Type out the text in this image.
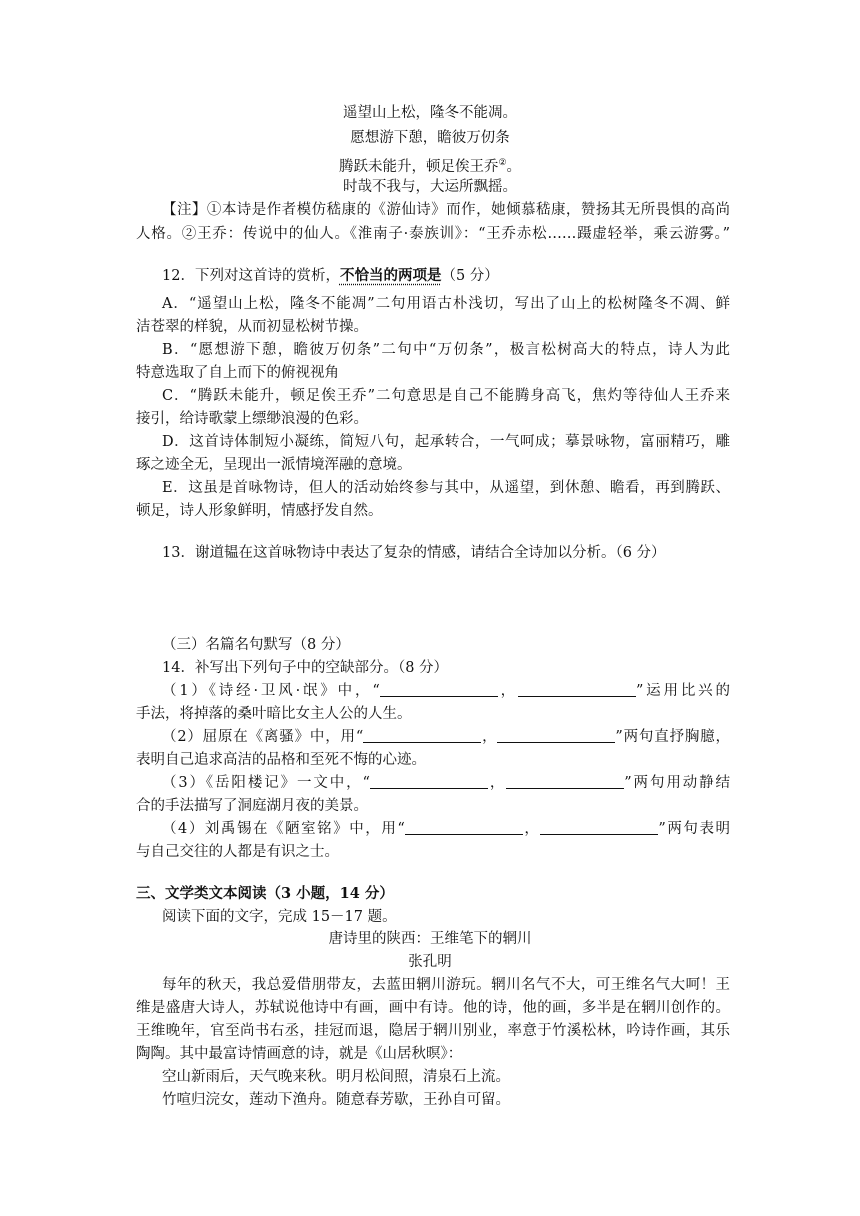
遥望山上松，隆冬不能凋。
愿想游下憩，瞻彼万仞条
腾跃未能升，顿足俟王乔②。
时哉不我与，大运所飘摇。
【注】①本诗是作者模仿嵇康的《游仙诗》而作，她倾慕嵇康，赞扬其无所畏惧的高尚
人格。②王乔：传说中的仙人。《淮南子·泰族训》：“王乔赤松……蹑虚轻举，乘云游雾。”
12．下列对这首诗的赏析，不恰当的两项是（5 分）
A．“遥望山上松，隆冬不能凋”二句用语古朴浅切，写出了山上的松树隆冬不凋、鲜
洁苍翠的样貌，从而初显松树节操。
B．“愿想游下憩，瞻彼万仞条”二句中“万仞条”，极言松树高大的特点，诗人为此
特意选取了自上而下的俯视视角
C．“腾跃未能升，顿足俟王乔”二句意思是自己不能腾身高飞，焦灼等待仙人王乔来
接引，给诗歌蒙上缥缈浪漫的色彩。
D．这首诗体制短小凝练，简短八句，起承转合，一气呵成；摹景咏物，富丽精巧，雕
琢之迹全无，呈现出一派情境浑融的意境。
E．这虽是首咏物诗，但人的活动始终参与其中，从遥望，到休憩、瞻看，再到腾跃、
顿足，诗人形象鲜明，情感抒发自然。
13．谢道韫在这首咏物诗中表达了复杂的情感，请结合全诗加以分析。（6 分）
（三）名篇名句默写（8 分）
14．补写出下列句子中的空缺部分。（8 分）
（1）《诗经·卫风·氓》中，“	，	”运用比兴的
手法，将掉落的桑叶暗比女主人公的人生。
（2）屈原在《离骚》中，用“	，	”两句直抒胸臆，
表明自己追求高洁的品格和至死不悔的心迹。
（3）《岳阳楼记》一文中，“	，	”两句用动静结
合的手法描写了洞庭湖月夜的美景。
（4）刘禹锡在《陋室铭》中，用“	，	”两句表明
与自己交往的人都是有识之士。
三、文学类文本阅读（3 小题，14 分）
阅读下面的文字，完成 15－17 题。
唐诗里的陕西：王维笔下的辋川
张孔明
每年的秋天，我总爱借朋带友，去蓝田辋川游玩。辋川名气不大，可王维名气大呵！王
维是盛唐大诗人，苏轼说他诗中有画，画中有诗。他的诗，他的画，多半是在辋川创作的。
王维晚年，官至尚书右丞，挂冠而退，隐居于辋川别业，率意于竹溪松林，吟诗作画，其乐
陶陶。其中最富诗情画意的诗，就是《山居秋暝》：
空山新雨后，天气晚来秋。明月松间照，清泉石上流。
竹喧归浣女，莲动下渔舟。随意春芳歇，王孙自可留。
